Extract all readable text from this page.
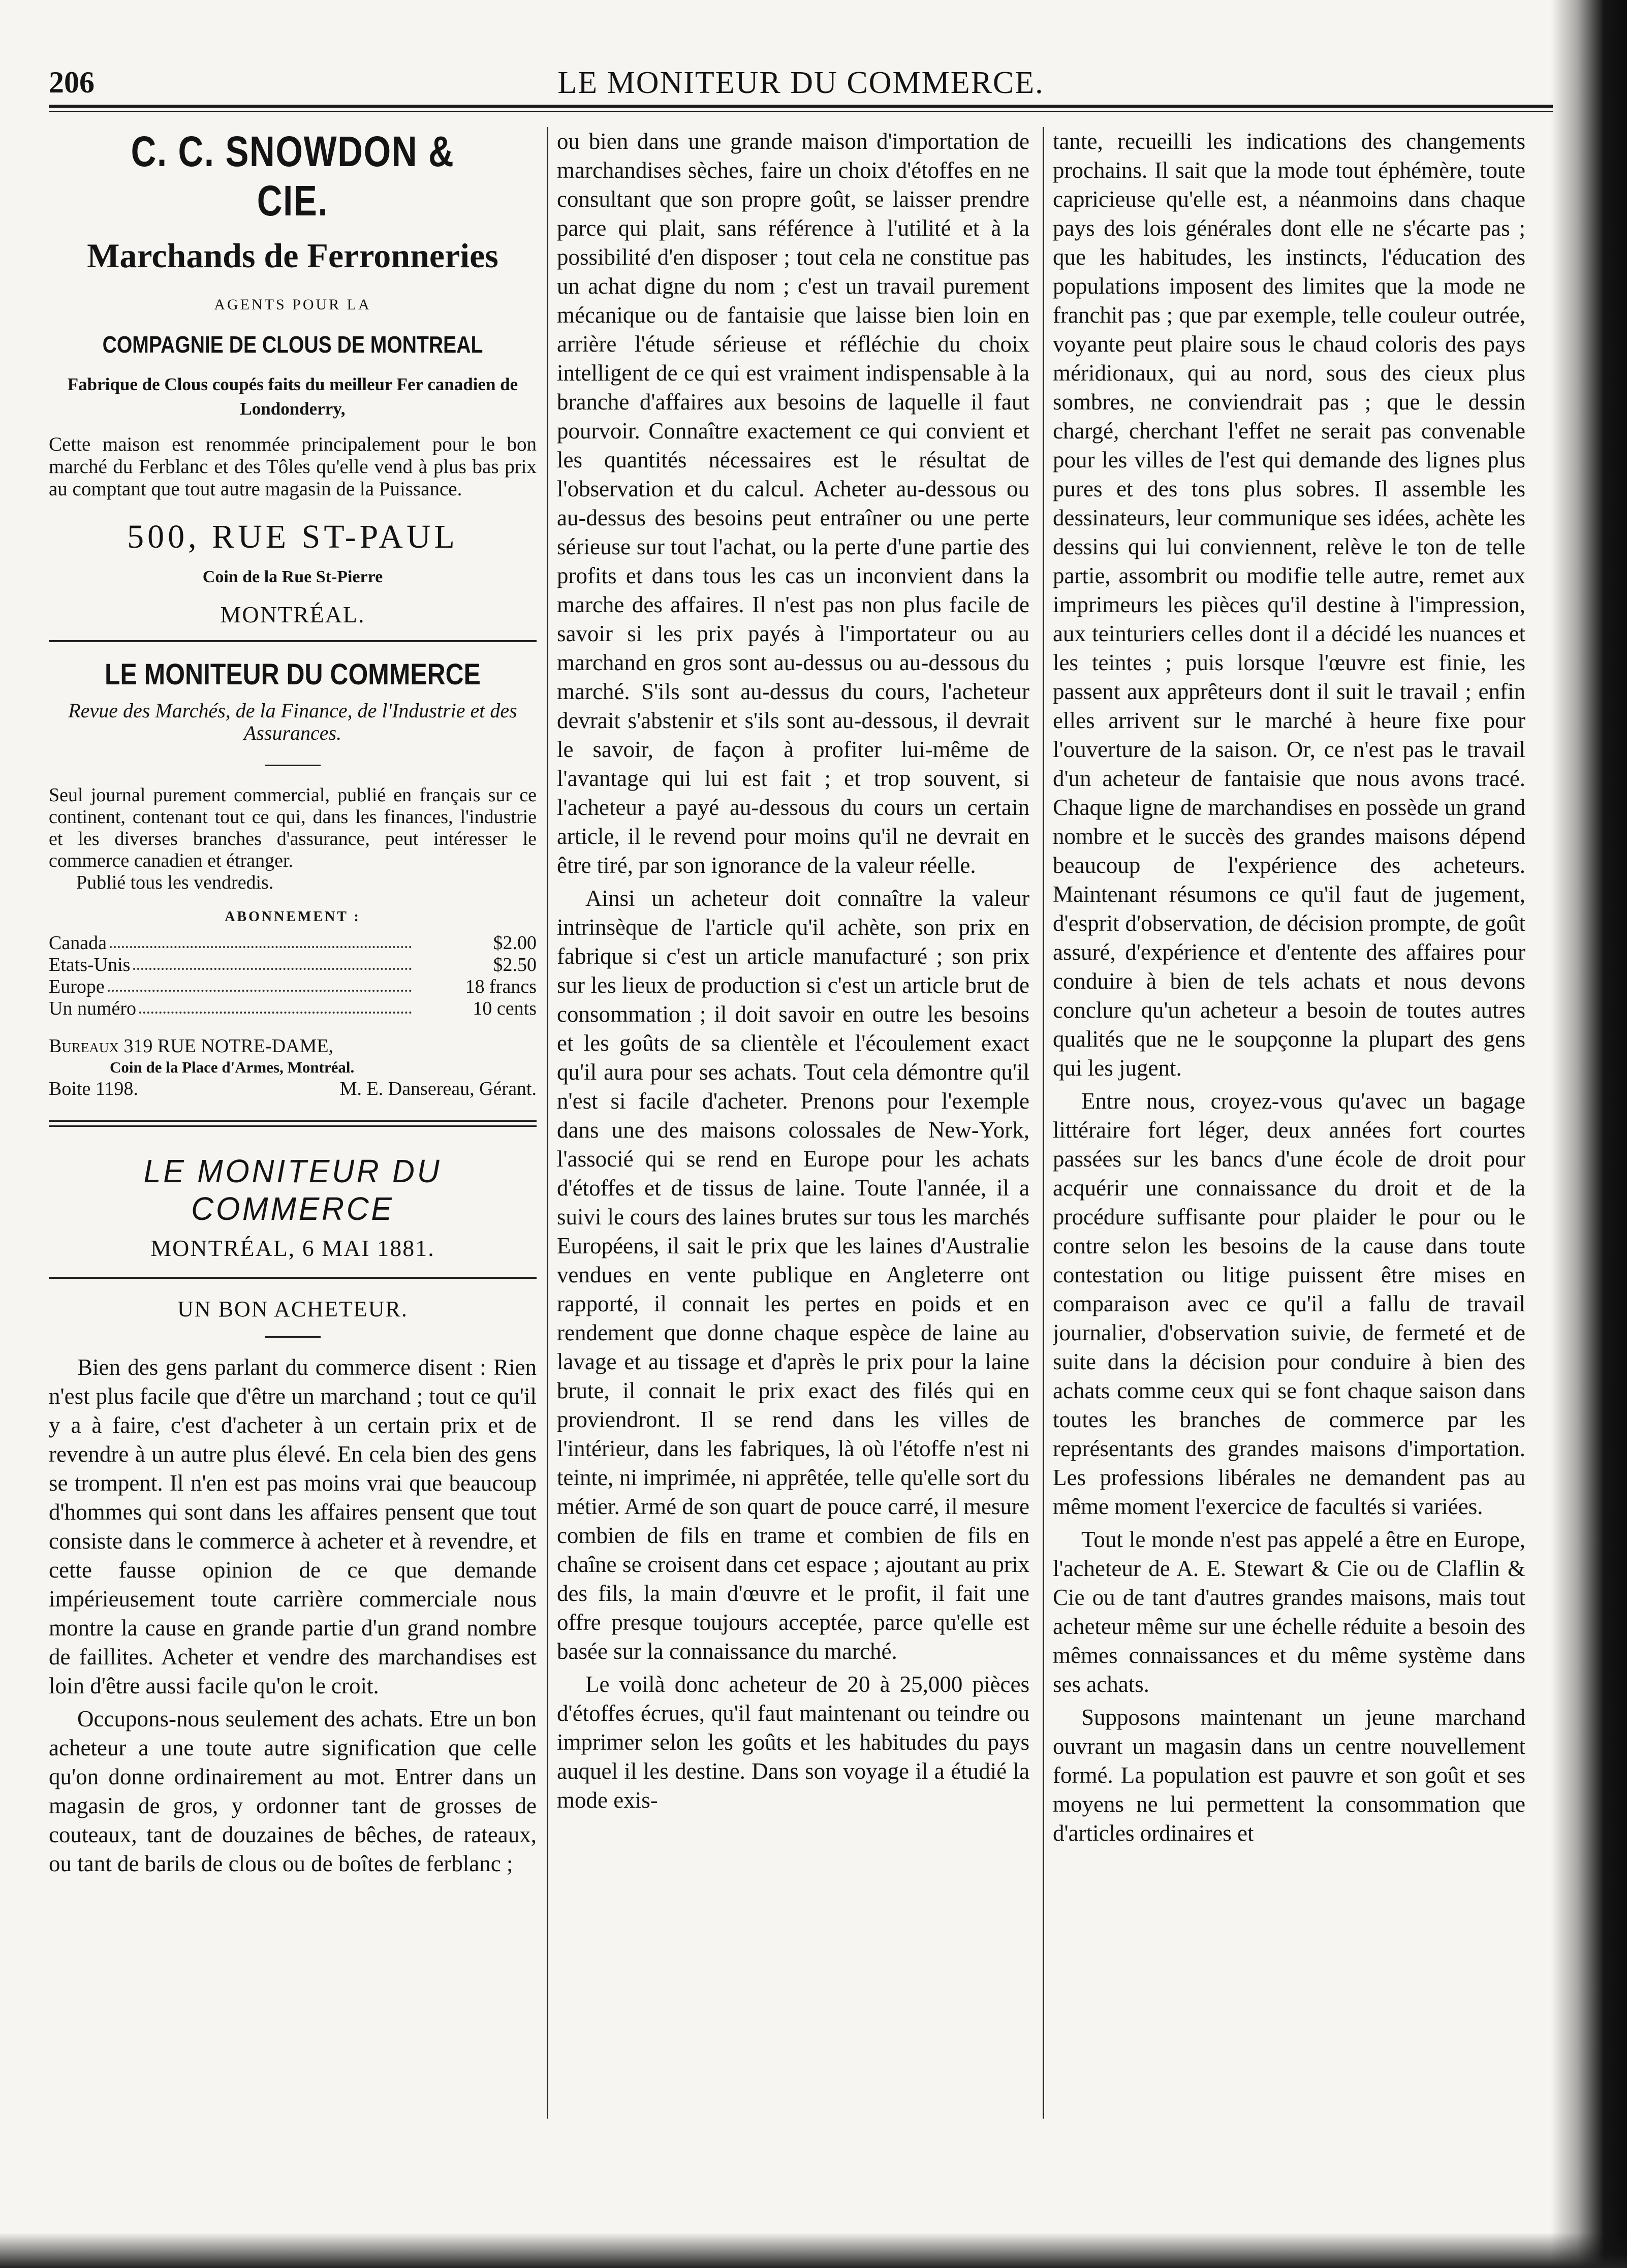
206	LE MONITEUR DU COMMERCE.
C. C. SNOWDON & CIE.
Marchands de Ferronneries
AGENTS POUR LA
COMPAGNIE DE CLOUS DE MONTREAL
Fabrique de Clous coupés faits du meilleur Fer canadien de Londonderry,
Cette maison est renommée principalement pour le bon marché du Ferblanc et des Tôles qu'elle vend à plus bas prix au comptant que tout autre magasin de la Puissance.
500, RUE ST-PAUL
Coin de la Rue St-Pierre
MONTRÉAL.
LE MONITEUR DU COMMERCE
Revue des Marchés, de la Finance, de l'Industrie et des Assurances.
Seul journal purement commercial, publié en français sur ce continent, contenant tout ce qui, dans les finances, l'industrie et les diverses branches d'assurance, peut intéresser le commerce canadien et étranger.
Publié tous les vendredis.
ABONNEMENT :
Canada	$2.00
Etats-Unis	$2.50
Europe	18 francs
Un numéro	10 cents
Bureaux 319 RUE NOTRE-DAME,
Coin de la Place d'Armes, Montréal.
Boite 1198.	M. E. Dansereau, Gérant.
LE MONITEUR DU COMMERCE
MONTRÉAL, 6 MAI 1881.
UN BON ACHETEUR.

Bien des gens parlant du commerce disent : Rien n'est plus facile que d'être un marchand ; tout ce qu'il y a à faire, c'est d'acheter à un certain prix et de revendre à un autre plus élevé. En cela bien des gens se trompent. Il n'en est pas moins vrai que beaucoup d'hommes qui sont dans les affaires pensent que tout consiste dans le commerce à acheter et à revendre, et cette fausse opinion de ce que demande impérieusement toute carrière commerciale nous montre la cause en grande partie d'un grand nombre de faillites. Acheter et vendre des marchandises est loin d'être aussi facile qu'on le croit.

Occupons-nous seulement des achats. Etre un bon acheteur a une toute autre signification que celle qu'on donne ordinairement au mot. Entrer dans un magasin de gros, y ordonner tant de grosses de couteaux, tant de douzaines de bêches, de rateaux, ou tant de barils de clous ou de boîtes de ferblanc ;

ou bien dans une grande maison d'importation de marchandises sèches, faire un choix d'étoffes en ne consultant que son propre goût, se laisser prendre parce qui plait, sans référence à l'utilité et à la possibilité d'en disposer ; tout cela ne constitue pas un achat digne du nom ; c'est un travail purement mécanique ou de fantaisie que laisse bien loin en arrière l'étude sérieuse et réfléchie du choix intelligent de ce qui est vraiment indispensable à la branche d'affaires aux besoins de laquelle il faut pourvoir. Connaître exactement ce qui convient et les quantités nécessaires est le résultat de l'observation et du calcul. Acheter au-dessous ou au-dessus des besoins peut entraîner ou une perte sérieuse sur tout l'achat, ou la perte d'une partie des profits et dans tous les cas un inconvient dans la marche des affaires. Il n'est pas non plus facile de savoir si les prix payés à l'importateur ou au marchand en gros sont au-dessus ou au-dessous du marché. S'ils sont au-dessus du cours, l'acheteur devrait s'abstenir et s'ils sont au-dessous, il devrait le savoir, de façon à profiter lui-même de l'avantage qui lui est fait ; et trop souvent, si l'acheteur a payé au-dessous du cours un certain article, il le revend pour moins qu'il ne devrait en être tiré, par son ignorance de la valeur réelle.

Ainsi un acheteur doit connaître la valeur intrinsèque de l'article qu'il achète, son prix en fabrique si c'est un article manufacturé ; son prix sur les lieux de production si c'est un article brut de consommation ; il doit savoir en outre les besoins et les goûts de sa clientèle et l'écoulement exact qu'il aura pour ses achats. Tout cela démontre qu'il n'est si facile d'acheter. Prenons pour l'exemple dans une des maisons colossales de New-York, l'associé qui se rend en Europe pour les achats d'étoffes et de tissus de laine. Toute l'année, il a suivi le cours des laines brutes sur tous les marchés Européens, il sait le prix que les laines d'Australie vendues en vente publique en Angleterre ont rapporté, il connait les pertes en poids et en rendement que donne chaque espèce de laine au lavage et au tissage et d'après le prix pour la laine brute, il connait le prix exact des filés qui en proviendront. Il se rend dans les villes de l'intérieur, dans les fabriques, là où l'étoffe n'est ni teinte, ni imprimée, ni apprêtée, telle qu'elle sort du métier. Armé de son quart de pouce carré, il mesure combien de fils en trame et combien de fils en chaîne se croisent dans cet espace ; ajoutant au prix des fils, la main d'œuvre et le profit, il fait une offre presque toujours acceptée, parce qu'elle est basée sur la connaissance du marché.

Le voilà donc acheteur de 20 à 25,000 pièces d'étoffes écrues, qu'il faut maintenant ou teindre ou imprimer selon les goûts et les habitudes du pays auquel il les destine. Dans son voyage il a étudié la mode exis-

tante, recueilli les indications des changements prochains. Il sait que la mode tout éphémère, toute capricieuse qu'elle est, a néanmoins dans chaque pays des lois générales dont elle ne s'écarte pas ; que les habitudes, les instincts, l'éducation des populations imposent des limites que la mode ne franchit pas ; que par exemple, telle couleur outrée, voyante peut plaire sous le chaud coloris des pays méridionaux, qui au nord, sous des cieux plus sombres, ne conviendrait pas ; que le dessin chargé, cherchant l'effet ne serait pas convenable pour les villes de l'est qui demande des lignes plus pures et des tons plus sobres. Il assemble les dessinateurs, leur communique ses idées, achète les dessins qui lui conviennent, relève le ton de telle partie, assombrit ou modifie telle autre, remet aux imprimeurs les pièces qu'il destine à l'impression, aux teinturiers celles dont il a décidé les nuances et les teintes ; puis lorsque l'œuvre est finie, les passent aux apprêteurs dont il suit le travail ; enfin elles arrivent sur le marché à heure fixe pour l'ouverture de la saison. Or, ce n'est pas le travail d'un acheteur de fantaisie que nous avons tracé. Chaque ligne de marchandises en possède un grand nombre et le succès des grandes maisons dépend beaucoup de l'expérience des acheteurs. Maintenant résumons ce qu'il faut de jugement, d'esprit d'observation, de décision prompte, de goût assuré, d'expérience et d'entente des affaires pour conduire à bien de tels achats et nous devons conclure qu'un acheteur a besoin de toutes autres qualités que ne le soupçonne la plupart des gens qui les jugent.

Entre nous, croyez-vous qu'avec un bagage littéraire fort léger, deux années fort courtes passées sur les bancs d'une école de droit pour acquérir une connaissance du droit et de la procédure suffisante pour plaider le pour ou le contre selon les besoins de la cause dans toute contestation ou litige puissent être mises en comparaison avec ce qu'il a fallu de travail journalier, d'observation suivie, de fermeté et de suite dans la décision pour conduire à bien des achats comme ceux qui se font chaque saison dans toutes les branches de commerce par les représentants des grandes maisons d'importation. Les professions libérales ne demandent pas au même moment l'exercice de facultés si variées.

Tout le monde n'est pas appelé a être en Europe, l'acheteur de A. E. Stewart & Cie ou de Claflin & Cie ou de tant d'autres grandes maisons, mais tout acheteur même sur une échelle réduite a besoin des mêmes connaissances et du même système dans ses achats.

Supposons maintenant un jeune marchand ouvrant un magasin dans un centre nouvellement formé. La population est pauvre et son goût et ses moyens ne lui permettent la consommation que d'articles ordinaires et
